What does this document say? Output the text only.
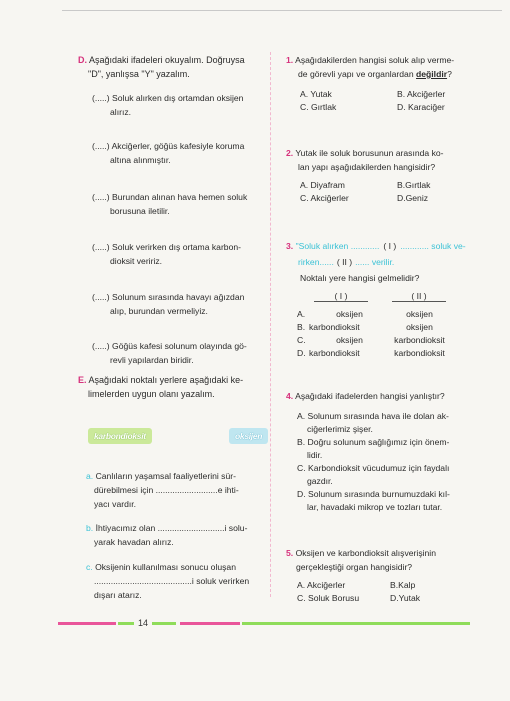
D. Aşağıdaki ifadeleri okuyalım. Doğruysa
"D", yanlışsa "Y" yazalım.
(.....) Soluk alırken dış ortamdan oksijen
alırız.
(.....) Akciğerler, göğüs kafesiyle koruma
altına alınmıştır.
(.....) Burundan alınan hava hemen soluk
borusuna iletilir.
(.....) Soluk verirken dış ortama karbon-
dioksit veririz.
(.....) Solunum sırasında havayı ağızdan
alıp, burundan vermeliyiz.
(.....) Göğüs kafesi solunum olayında gö-
revli yapılardan biridir.
E. Aşağıdaki noktalı yerlere aşağıdaki ke-
limelerden uygun olanı yazalım.
karbondioksit	oksijen
a. Canlıların yaşamsal faaliyetlerini sür-
dürebilmesi için ..........................e ihti-
yacı vardır.
b. İhtiyacımız olan ............................i solu-
yarak havadan alırız.
c. Oksijenin kullanılması sonucu oluşan
.........................................i soluk verirken
dışarı atarız.
1. Aşağıdakilerden hangisi soluk alıp verme-
de görevli yapı ve organlardan değildir?
A. Yutak	B. Akciğerler
C. Gırtlak	D. Karaciğer
2. Yutak ile soluk borusunun arasında ko-
lan yapı aşağıdakilerden hangisidir?
A. Diyafram	B.Gırtlak
C. Akciğerler	D.Geniz
3. "Soluk alırken ............ ( I ) ............ soluk ve-
rirken...... ( II ) ...... verilir.
Noktalı yere hangisi gelmelidir?
( I )	( II )
A.	oksijen	oksijen
B. karbondioksit	oksijen
C.	oksijen	karbondioksit
D. karbondioksit	karbondioksit
4. Aşağıdaki ifadelerden hangisi yanlıştır?
A. Solunum sırasında hava ile dolan ak-
ciğerlerimiz şişer.
B. Doğru solunum sağlığımız için önem-
lidir.
C. Karbondioksit vücudumuz için faydalı
gazdır.
D. Solunum sırasında burnumuzdaki kıl-
lar, havadaki mikrop ve tozları tutar.
5. Oksijen ve karbondioksit alışverişinin
gerçekleştiği organ hangisidir?
A. Akciğerler	B.Kalp
C. Soluk Borusu	D.Yutak
14
